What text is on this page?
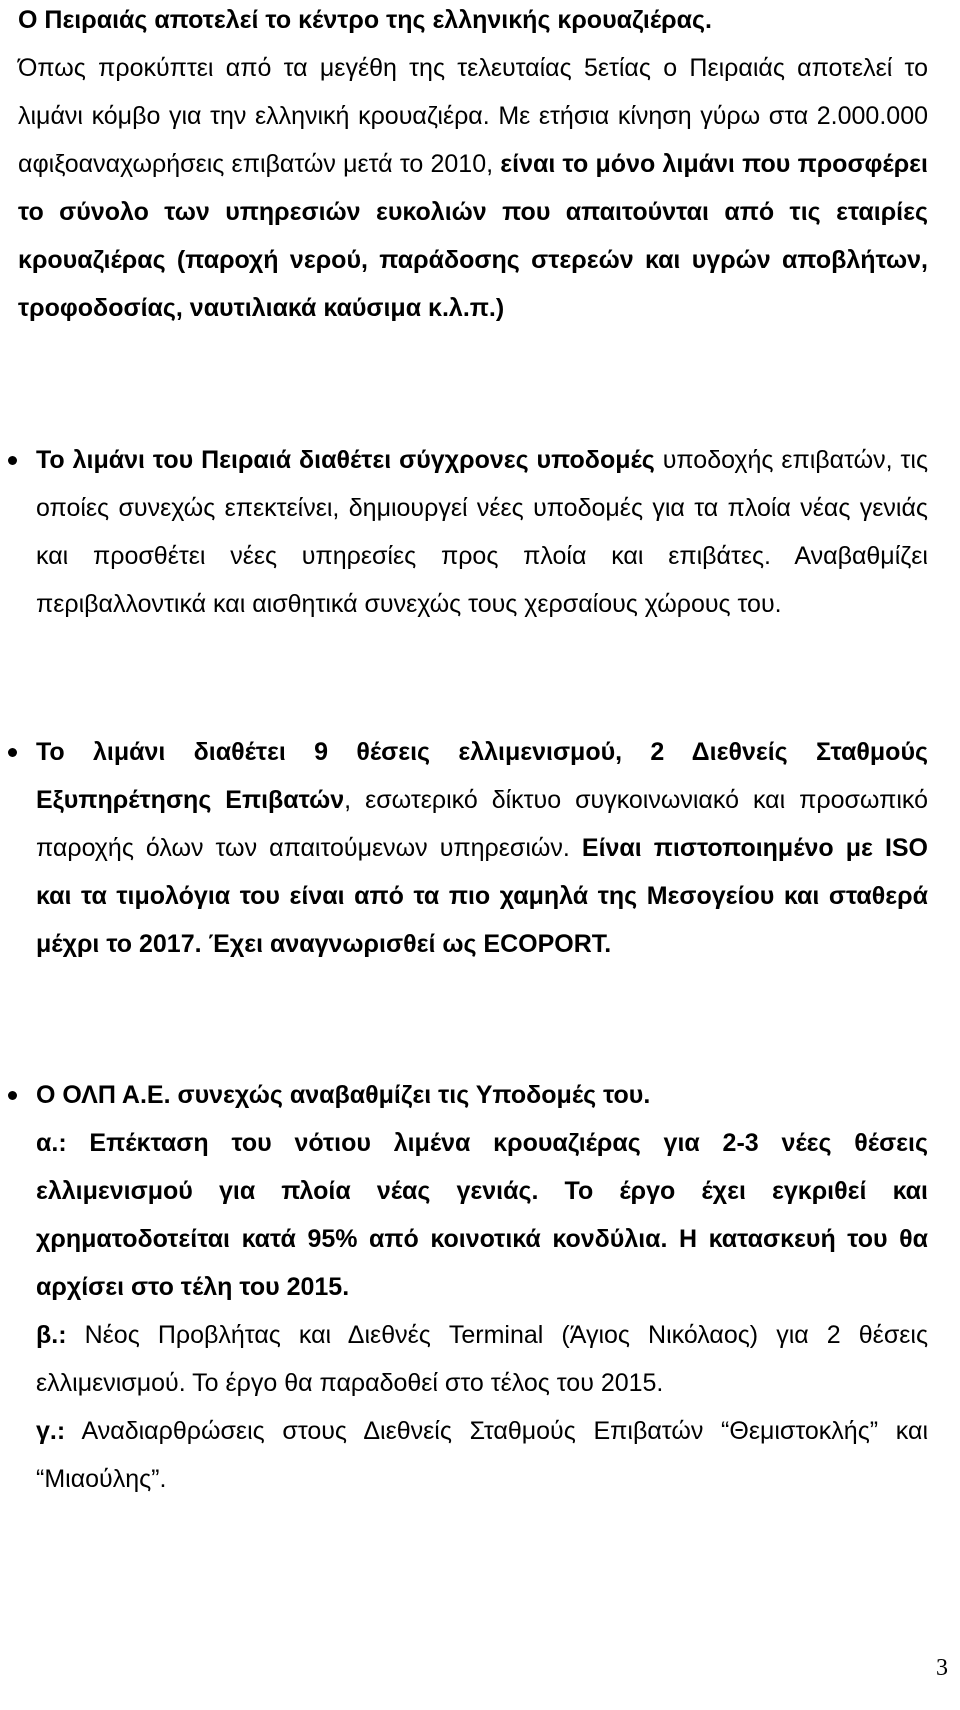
Ο Πειραιάς αποτελεί το κέντρο της ελληνικής κρουαζιέρας.
Όπως προκύπτει από τα μεγέθη της τελευταίας 5ετίας ο Πειραιάς αποτελεί το λιμάνι κόμβο για την ελληνική κρουαζιέρα. Με ετήσια κίνηση γύρω στα 2.000.000 αφιξοαναχωρήσεις επιβατών μετά το 2010, είναι το μόνο λιμάνι που προσφέρει το σύνολο των υπηρεσιών ευκολιών που απαιτούνται από τις εταιρίες κρουαζιέρας (παροχή νερού, παράδοσης στερεών και υγρών αποβλήτων, τροφοδοσίας, ναυτιλιακά καύσιμα κ.λ.π.)
Το λιμάνι του Πειραιά διαθέτει σύγχρονες υποδομές υποδοχής επιβατών, τις οποίες συνεχώς επεκτείνει, δημιουργεί νέες υποδομές για τα πλοία νέας γενιάς και προσθέτει νέες υπηρεσίες προς πλοία και επιβάτες. Αναβαθμίζει περιβαλλοντικά και αισθητικά συνεχώς τους χερσαίους χώρους του.
Το λιμάνι διαθέτει 9 θέσεις ελλιμενισμού, 2 Διεθνείς Σταθμούς Εξυπηρέτησης Επιβατών, εσωτερικό δίκτυο συγκοινωνιακό και προσωπικό παροχής όλων των απαιτούμενων υπηρεσιών. Είναι πιστοποιημένο με ISO και τα τιμολόγια του είναι από τα πιο χαμηλά της Μεσογείου και σταθερά μέχρι το 2017. Έχει αναγνωρισθεί ως ECOPORT.
Ο ΟΛΠ Α.Ε. συνεχώς αναβαθμίζει τις Υποδομές του.
α.: Επέκταση του νότιου λιμένα κρουαζιέρας για 2-3 νέες θέσεις ελλιμενισμού για πλοία νέας γενιάς. Το έργο έχει εγκριθεί και χρηματοδοτείται κατά 95% από κοινοτικά κονδύλια. Η κατασκευή του θα αρχίσει στο τέλη του 2015.
β.: Νέος Προβλήτας και Διεθνές Terminal (Άγιος Νικόλαος) για 2 θέσεις ελλιμενισμού. Το έργο θα παραδοθεί στο τέλος του 2015.
γ.: Αναδιαρθρώσεις στους Διεθνείς Σταθμούς Επιβατών “Θεμιστοκλής” και “Μιαούλης”.
3
